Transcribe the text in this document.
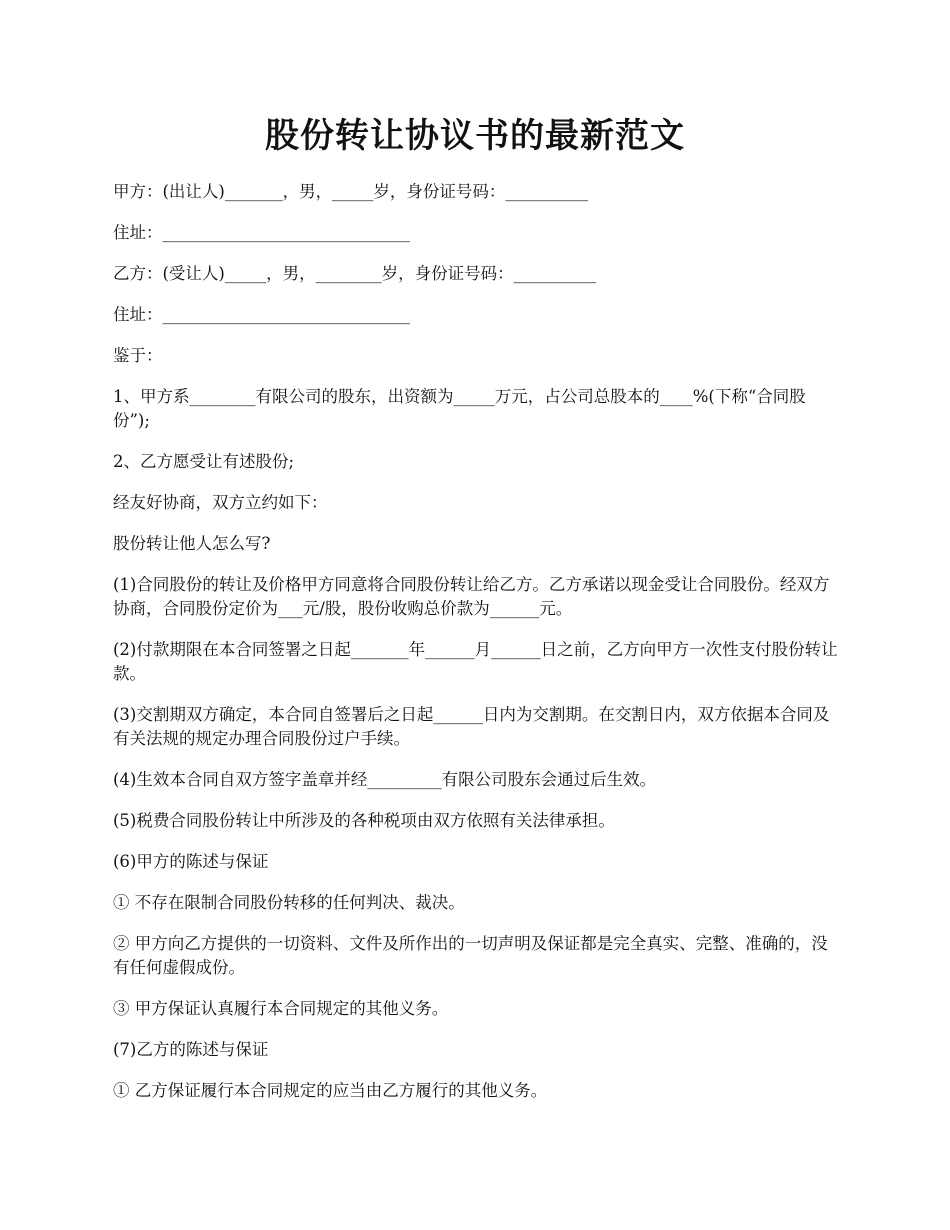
股份转让协议书的最新范文

甲方：(出让人)_______，男，_____岁，身份证号码：__________

住址：______________________________

乙方：(受让人)_____，男，________岁，身份证号码：__________

住址：______________________________

鉴于：

1、甲方系________有限公司的股东，出资额为_____万元，占公司总股本的____%(下称“合同股份”);

2、乙方愿受让有述股份;

经友好协商，双方立约如下：

股份转让他人怎么写?

(1)合同股份的转让及价格甲方同意将合同股份转让给乙方。乙方承诺以现金受让合同股份。经双方协商，合同股份定价为___元/股，股份收购总价款为______元。

(2)付款期限在本合同签署之日起_______年______月______日之前，乙方向甲方一次性支付股份转让款。

(3)交割期双方确定，本合同自签署后之日起______日内为交割期。在交割日内，双方依据本合同及有关法规的规定办理合同股份过户手续。

(4)生效本合同自双方签字盖章并经_________有限公司股东会通过后生效。

(5)税费合同股份转让中所涉及的各种税项由双方依照有关法律承担。

(6)甲方的陈述与保证

① 不存在限制合同股份转移的任何判决、裁决。

② 甲方向乙方提供的一切资料、文件及所作出的一切声明及保证都是完全真实、完整、准确的，没有任何虚假成份。

③ 甲方保证认真履行本合同规定的其他义务。

(7)乙方的陈述与保证

① 乙方保证履行本合同规定的应当由乙方履行的其他义务。
